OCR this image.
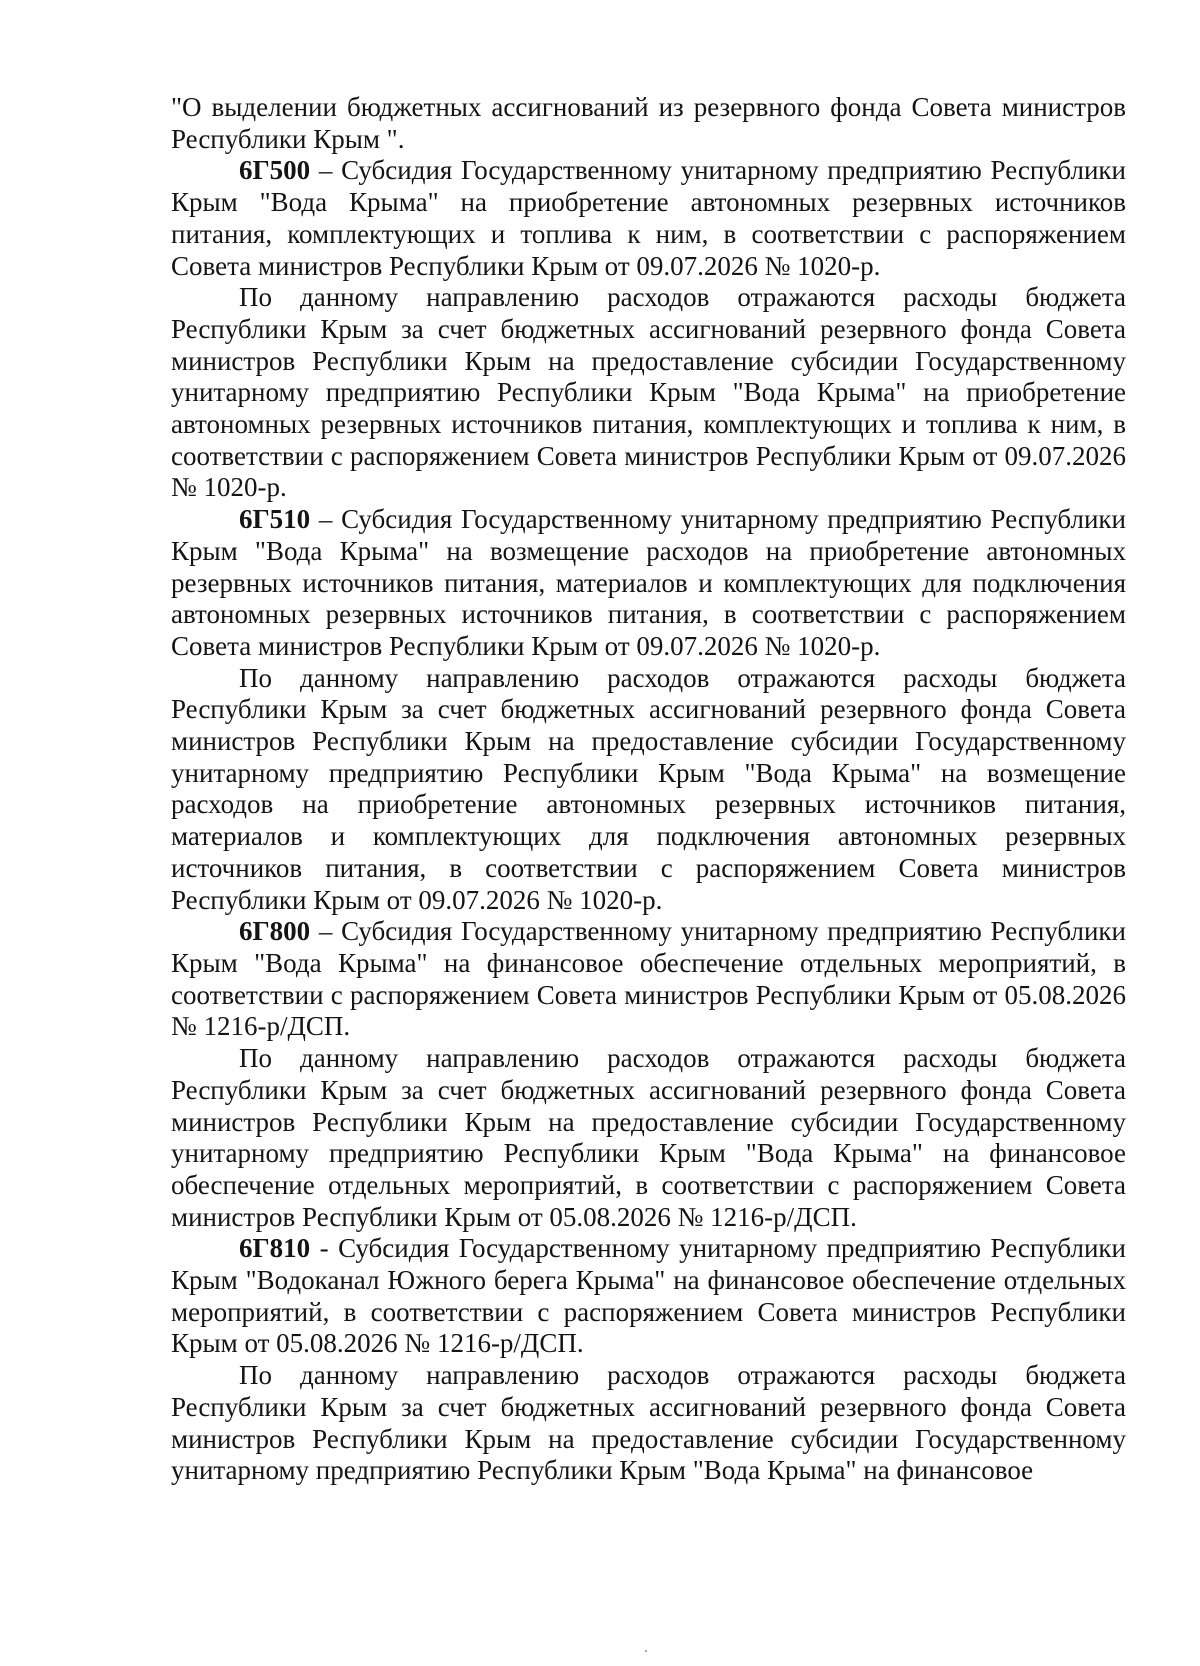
"О выделении бюджетных ассигнований из резервного фонда Совета министров Республики Крым ".

6Г500 – Субсидия Государственному унитарному предприятию Республики Крым "Вода Крыма" на приобретение автономных резервных источников питания, комплектующих и топлива к ним, в соответствии с распоряжением Совета министров Республики Крым от 09.07.2026 № 1020-р.

По данному направлению расходов отражаются расходы бюджета Республики Крым за счет бюджетных ассигнований резервного фонда Совета министров Республики Крым на предоставление субсидии Государственному унитарному предприятию Республики Крым "Вода Крыма" на приобретение автономных резервных источников питания, комплектующих и топлива к ним, в соответствии с распоряжением Совета министров Республики Крым от 09.07.2026 № 1020-р.

6Г510 – Субсидия Государственному унитарному предприятию Республики Крым "Вода Крыма" на возмещение расходов на приобретение автономных резервных источников питания, материалов и комплектующих для подключения автономных резервных источников питания, в соответствии с распоряжением Совета министров Республики Крым от 09.07.2026 № 1020-р.

По данному направлению расходов отражаются расходы бюджета Республики Крым за счет бюджетных ассигнований резервного фонда Совета министров Республики Крым на предоставление субсидии Государственному унитарному предприятию Республики Крым "Вода Крыма" на возмещение расходов на приобретение автономных резервных источников питания, материалов и комплектующих для подключения автономных резервных источников питания, в соответствии с распоряжением Совета министров Республики Крым от 09.07.2026 № 1020-р.

6Г800 – Субсидия Государственному унитарному предприятию Республики Крым "Вода Крыма" на финансовое обеспечение отдельных мероприятий, в соответствии с распоряжением Совета министров Республики Крым от 05.08.2026 № 1216-р/ДСП.

По данному направлению расходов отражаются расходы бюджета Республики Крым за счет бюджетных ассигнований резервного фонда Совета министров Республики Крым на предоставление субсидии Государственному унитарному предприятию Республики Крым "Вода Крыма" на финансовое обеспечение отдельных мероприятий, в соответствии с распоряжением Совета министров Республики Крым от 05.08.2026 № 1216-р/ДСП.

6Г810 - Субсидия Государственному унитарному предприятию Республики Крым "Водоканал Южного берега Крыма" на финансовое обеспечение отдельных мероприятий, в соответствии с распоряжением Совета министров Республики Крым от 05.08.2026 № 1216-р/ДСП.

По данному направлению расходов отражаются расходы бюджета Республики Крым за счет бюджетных ассигнований резервного фонда Совета министров Республики Крым на предоставление субсидии Государственному унитарному предприятию Республики Крым "Вода Крыма" на финансовое
